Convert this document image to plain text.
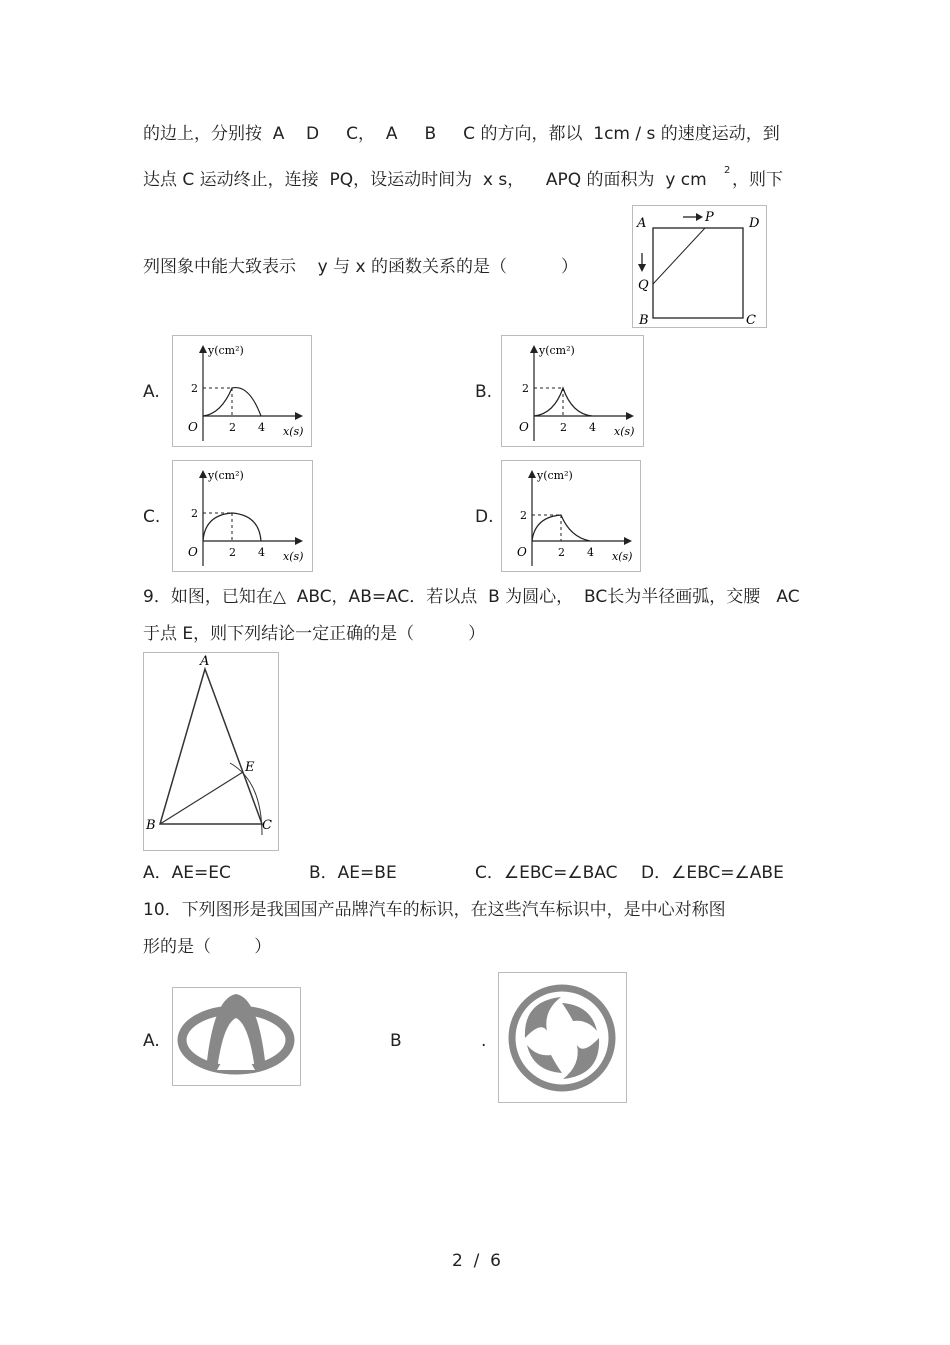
的边上，分别按  A    D     C，  A     B     C 的方向，都以  1cm / s 的速度运动，到
达点 C 运动终止，连接  PQ，设运动时间为  x s，    APQ 的面积为  y cm 2 ，则下
列图象中能大致表示    y 与 x 的函数关系的是（          ）
A	P	D
Q
B	C
A.	B.
C.	D.
y(cm²)
2
O	2 4 x(s)
y(cm²)
2
O	2 4 x(s)
y(cm²)
2
O	2 4 x(s)
y(cm²)
2
O	2 4 x(s)
9．如图，已知在△  ABC，AB=AC．若以点  B 为圆心，  BC长为半径画弧，交腰   AC
于点 E，则下列结论一定正确的是（          ）
A
B	C
E
A．AE=EC	B．AE=BE	C．∠EBC=∠BAC D．∠EBC=∠ABE
10．下列图形是我国国产品牌汽车的标识，在这些汽车标识中，是中心对称图
形的是（        ）
A.	B	.
2  /  6
